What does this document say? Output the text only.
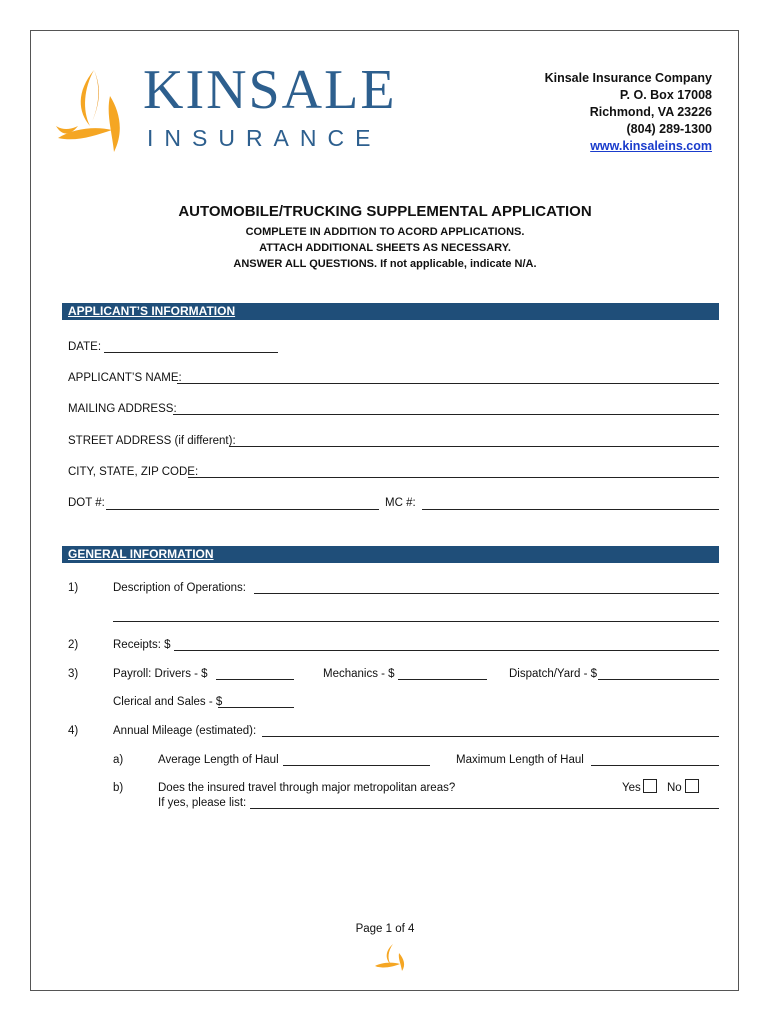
KINSALE
INSURANCE
Kinsale Insurance Company
P. O. Box 17008
Richmond, VA 23226
(804) 289-1300
www.kinsaleins.com
AUTOMOBILE/TRUCKING SUPPLEMENTAL APPLICATION
COMPLETE IN ADDITION TO ACORD APPLICATIONS.
ATTACH ADDITIONAL SHEETS AS NECESSARY.
ANSWER ALL QUESTIONS. If not applicable, indicate N/A.
APPLICANT’S INFORMATION
DATE:
APPLICANT’S NAME:
MAILING ADDRESS:
STREET ADDRESS (if different):
CITY, STATE, ZIP CODE:
DOT #:	MC #:
GENERAL INFORMATION
1)	Description of Operations:
2)	Receipts: $
3)	Payroll: Drivers - $	Mechanics - $	Dispatch/Yard - $
Clerical and Sales - $
4)	Annual Mileage (estimated):
a)	Average Length of Haul	Maximum Length of Haul
b)	Does the insured travel through major metropolitan areas?	Yes No
If yes, please list:
Page 1 of 4
